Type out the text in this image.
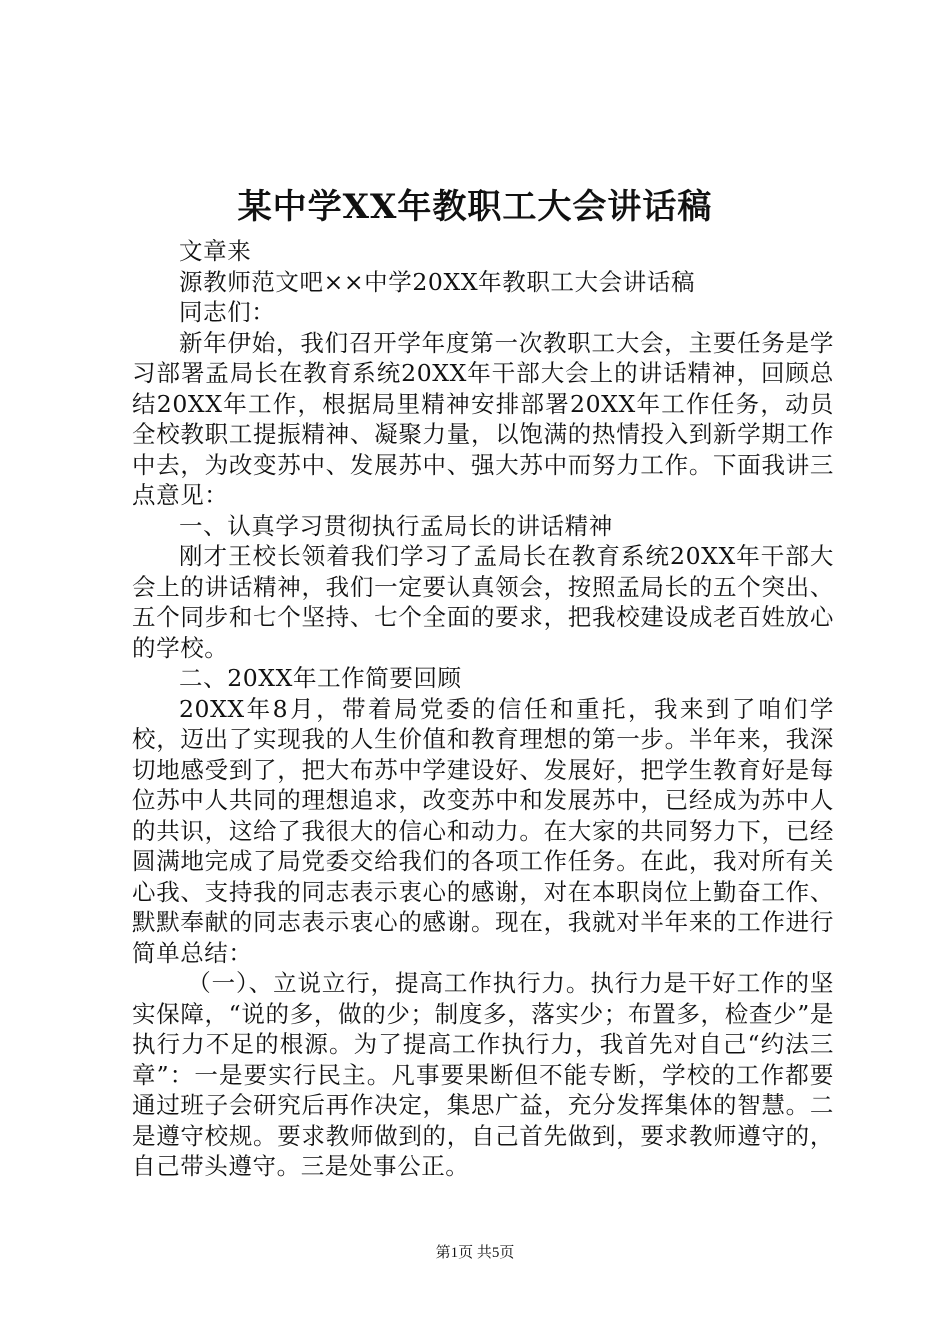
某中学XX年教职工大会讲话稿

文章来

源教师范文吧××中学20XX年教职工大会讲话稿

同志们：

新年伊始，我们召开学年度第一次教职工大会，主要任务是学习部署孟局长在教育系统20XX年干部大会上的讲话精神，回顾总结20XX年工作，根据局里精神安排部署20XX年工作任务，动员全校教职工提振精神、凝聚力量，以饱满的热情投入到新学期工作中去，为改变苏中、发展苏中、强大苏中而努力工作。下面我讲三点意见：

一、认真学习贯彻执行孟局长的讲话精神

刚才王校长领着我们学习了孟局长在教育系统20XX年干部大会上的讲话精神，我们一定要认真领会，按照孟局长的五个突出、五个同步和七个坚持、七个全面的要求，把我校建设成老百姓放心的学校。

二、20XX年工作简要回顾

20XX年8月，带着局党委的信任和重托，我来到了咱们学校，迈出了实现我的人生价值和教育理想的第一步。半年来，我深切地感受到了，把大布苏中学建设好、发展好，把学生教育好是每位苏中人共同的理想追求，改变苏中和发展苏中，已经成为苏中人的共识，这给了我很大的信心和动力。在大家的共同努力下，已经圆满地完成了局党委交给我们的各项工作任务。在此，我对所有关心我、支持我的同志表示衷心的感谢，对在本职岗位上勤奋工作、默默奉献的同志表示衷心的感谢。现在，我就对半年来的工作进行简单总结：

（一）、立说立行，提高工作执行力。执行力是干好工作的坚实保障，“说的多，做的少；制度多，落实少；布置多，检查少”是执行力不足的根源。为了提高工作执行力，我首先对自己“约法三章”：一是要实行民主。凡事要果断但不能专断，学校的工作都要通过班子会研究后再作决定，集思广益，充分发挥集体的智慧。二是遵守校规。要求教师做到的，自己首先做到，要求教师遵守的，自己带头遵守。三是处事公正。

第1页 共5页
